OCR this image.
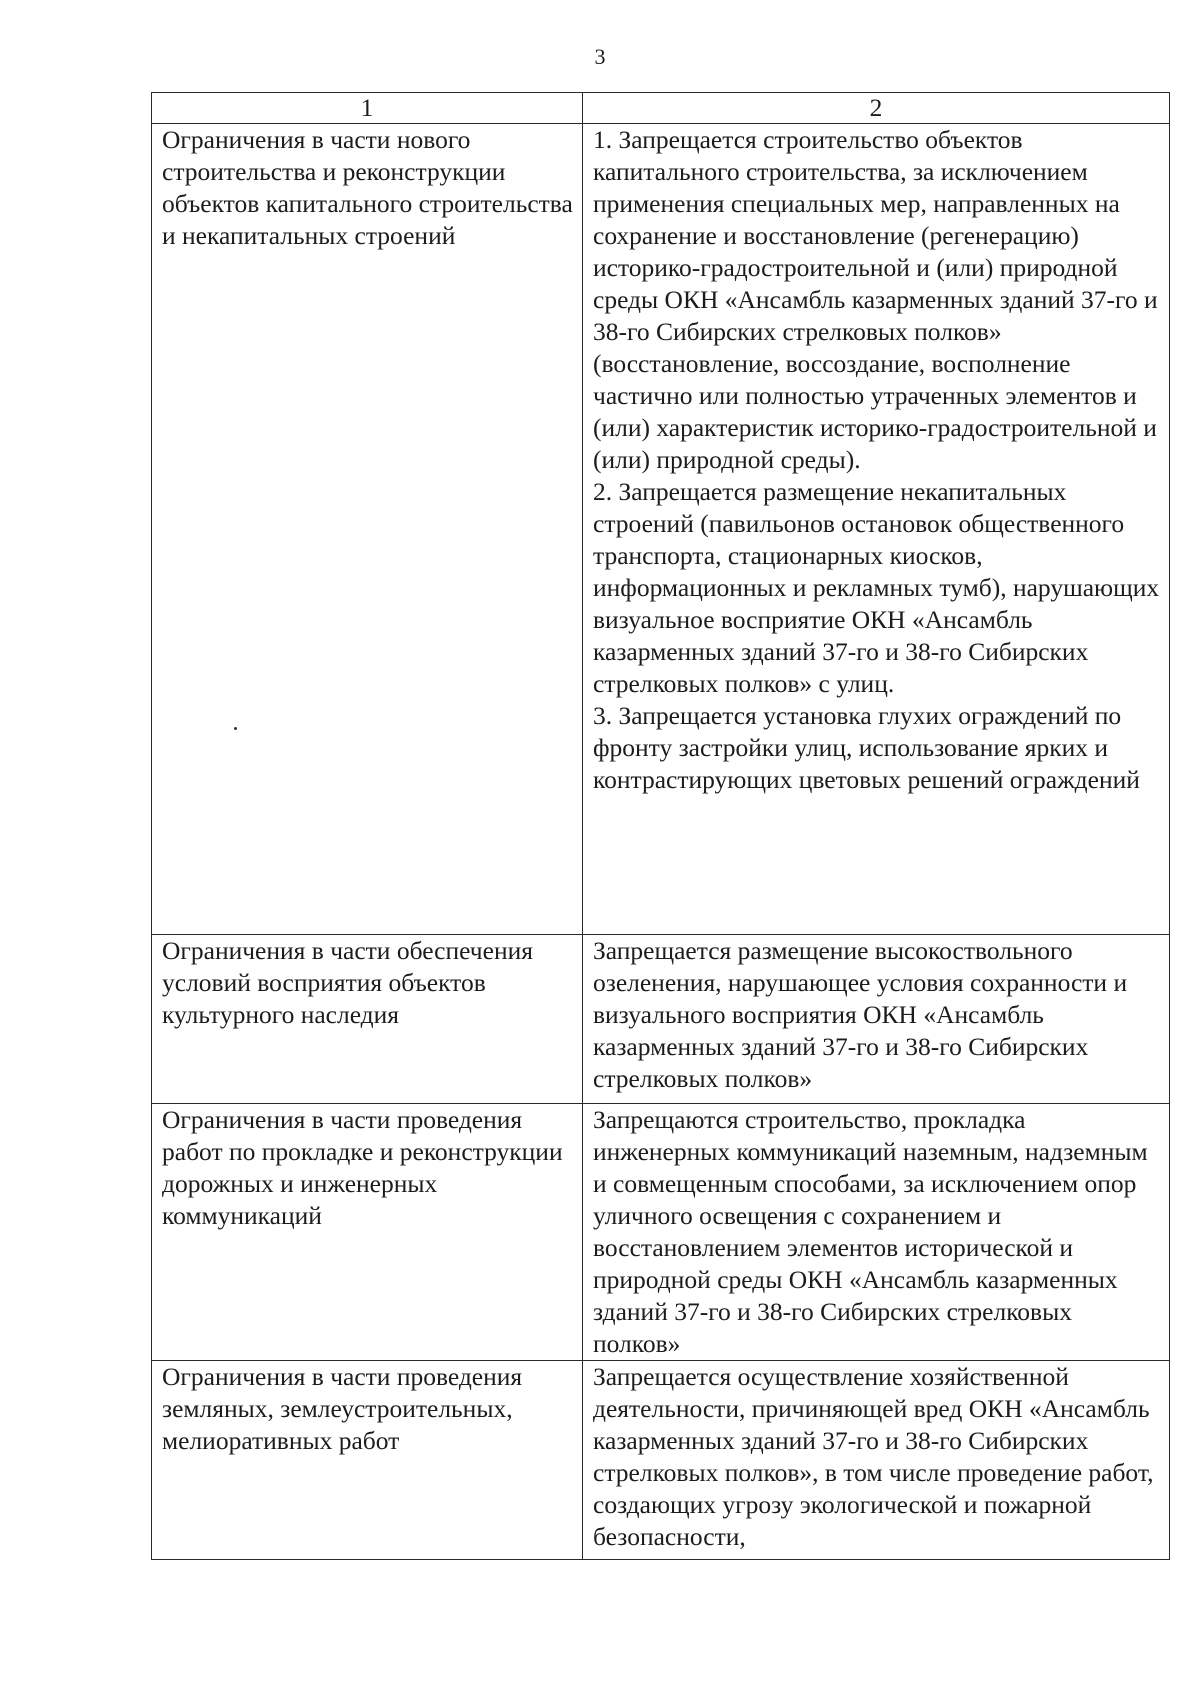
3
1	2
Ограничения в части нового строительства и реконструкции объектов капитального строительства и некапитальных строений	1. Запрещается строительство объектов капитального строительства, за исключением применения специальных мер, направленных на сохранение и восстановление (регенерацию) историко-градостроительной и (или) природной среды ОКН «Ансамбль казарменных зданий 37-го и 38-го Сибирских стрелковых полков» (восстановление, воссоздание, восполнение частично или полностью утраченных элементов и (или) характеристик историко-градостроительной и (или) природной среды).
2. Запрещается размещение некапитальных строений (павильонов остановок общественного транспорта, стационарных киосков, информационных и рекламных тумб), нарушающих визуальное восприятие ОКН «Ансамбль казарменных зданий 37-го и 38-го Сибирских стрелковых полков» с улиц.
3. Запрещается установка глухих ограждений по фронту застройки улиц, использование ярких и контрастирующих цветовых решений ограждений

Ограничения в части обеспечения условий восприятия объектов культурного наследия	Запрещается размещение высокоствольного озеленения, нарушающее условия сохранности и визуального восприятия ОКН «Ансамбль казарменных зданий 37-го и 38-го Сибирских стрелковых полков»

Ограничения в части проведения работ по прокладке и реконструкции дорожных и инженерных коммуникаций	Запрещаются строительство, прокладка инженерных коммуникаций наземным, надземным и совмещенным способами, за исключением опор уличного освещения с сохранением и восстановлением элементов исторической и природной среды ОКН «Ансамбль казарменных зданий 37-го и 38-го Сибирских стрелковых полков»

Ограничения в части проведения земляных, землеустроительных, мелиоративных работ	Запрещается осуществление хозяйственной деятельности, причиняющей вред ОКН «Ансамбль казарменных зданий 37-го и 38-го Сибирских стрелковых полков», в том числе проведение работ, создающих угрозу экологической и пожарной безопасности,
